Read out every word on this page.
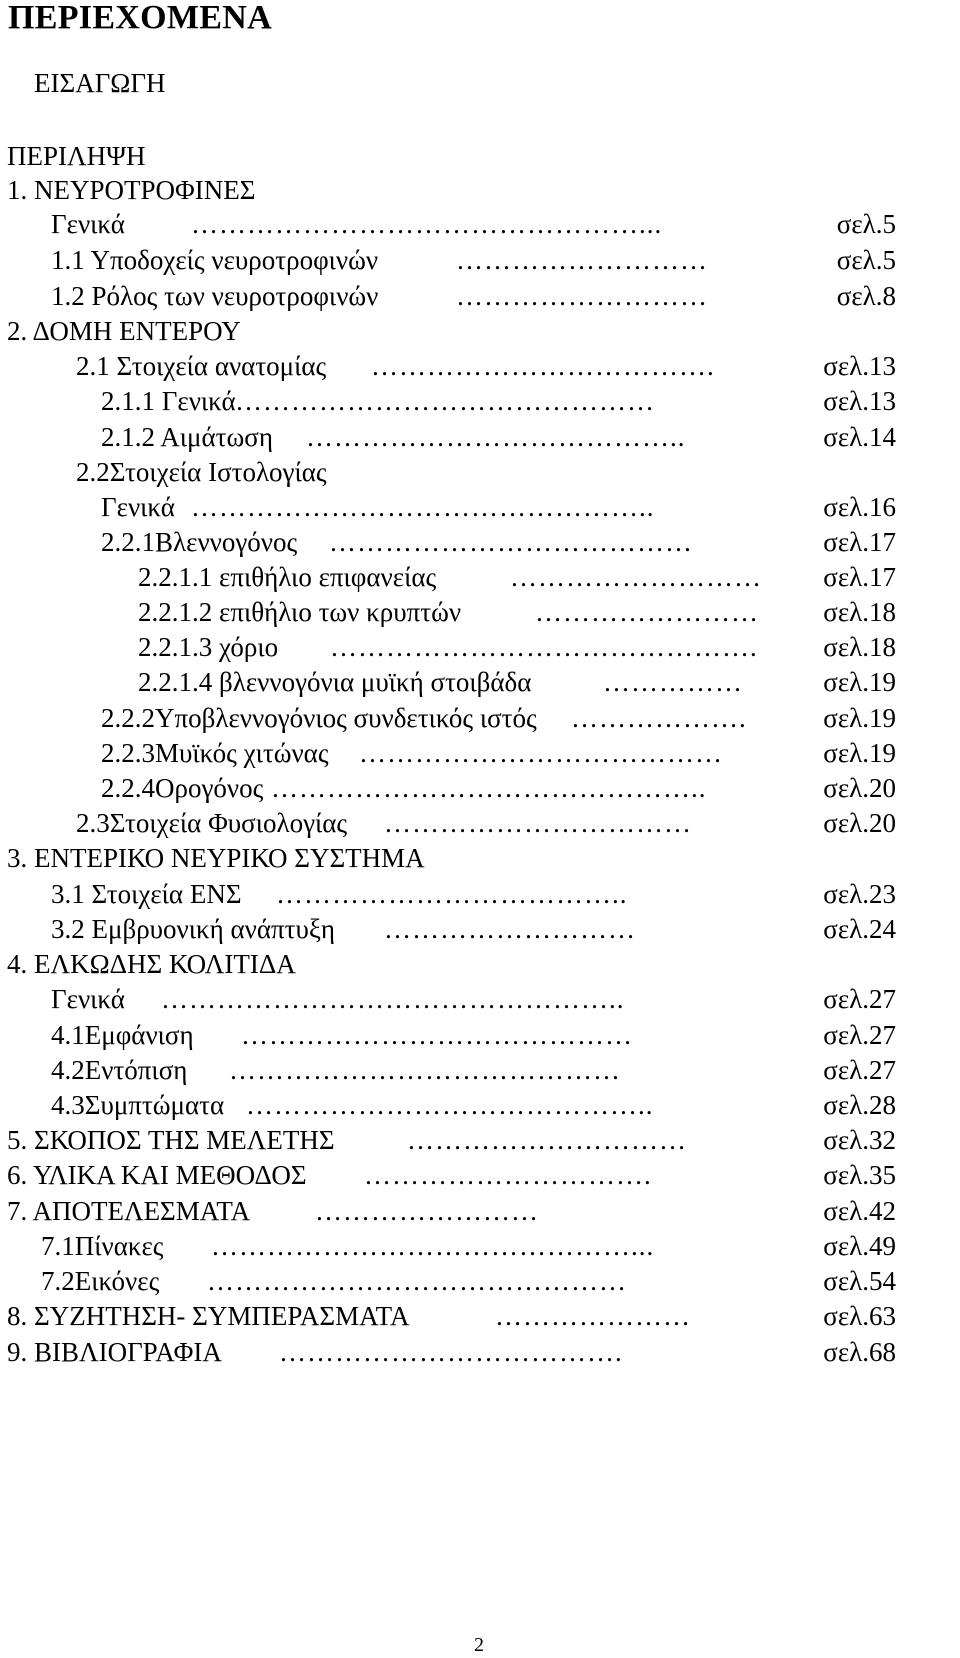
ΠΕΡΙΕΧΟΜΕΝΑ
ΕΙΣΑΓΩΓΗ
ΠΕΡΙΛΗΨΗ
1. ΝΕΥΡΟΤΡΟΦΙΝΕΣ
Γενικά …………………………………………...	σελ.5
1.1 Υποδοχείς νευροτροφινών	………………………	σελ.5
1.2 Ρόλος των νευροτροφινών	………………………	σελ.8
2. ΔΟΜΗ ΕΝΤΕΡΟΥ
2.1 Στοιχεία ανατομίας ……………………………….	σελ.13
2.1.1 Γενικά ………………………………………	σελ.13
2.1.2 Αιμάτωση …………………………………..	σελ.14
2.2Στοιχεία Ιστολογίας
Γενικά …………………………………………..	σελ.16
2.2.1Βλεννογόνος …………………………………	σελ.17
2.2.1.1 επιθήλιο επιφανείας	………………………	σελ.17
2.2.1.2 επιθήλιο των κρυπτών	……………………	σελ.18
2.2.1.3 χόριο ……………………………………….	σελ.18
2.2.1.4 βλεννογόνια μυϊκή στοιβάδα	……………	σελ.19
2.2.2Υποβλεννογόνιος συνδετικός ιστός ……………….	σελ.19
2.2.3Μυϊκός χιτώνας …………………………………	σελ.19
2.2.4Ορογόνος ………………………………………..	σελ.20
2.3Στοιχεία Φυσιολογίας ……………………………	σελ.20
3. ΕΝΤΕΡΙΚΟ ΝΕΥΡΙΚΟ ΣΥΣΤΗΜΑ
3.1 Στοιχεία ΕΝΣ ………………………………..	σελ.23
3.2 Εμβρυονική ανάπτυξη ………………………	σελ.24
4. ΕΛΚΩΔΗΣ ΚΟΛΙΤΙΔΑ
Γενικά …………………………………………..	σελ.27
4.1Εμφάνιση ……………………………………	σελ.27
4.2Εντόπιση ……………………………………	σελ.27
4.3Συμπτώματα ……………………………………..	σελ.28
5. ΣΚΟΠΟΣ ΤΗΣ ΜΕΛΕΤΗΣ	…………………………	σελ.32
6. ΥΛΙΚΑ ΚΑΙ ΜΕΘΟΔΟΣ ………………………….	σελ.35
7. ΑΠΟΤΕΛΕΣΜΑΤΑ ……………………	σελ.42
7.1Πίνακες ………………………………………...	σελ.49
7.2Εικόνες ………………………………………	σελ.54
8. ΣΥΖΗΤΗΣΗ- ΣΥΜΠΕΡΑΣΜΑΤΑ	…………………	σελ.63
9. ΒΙΒΛΙΟΓΡΑΦΙΑ ……………………………….	σελ.68
2
